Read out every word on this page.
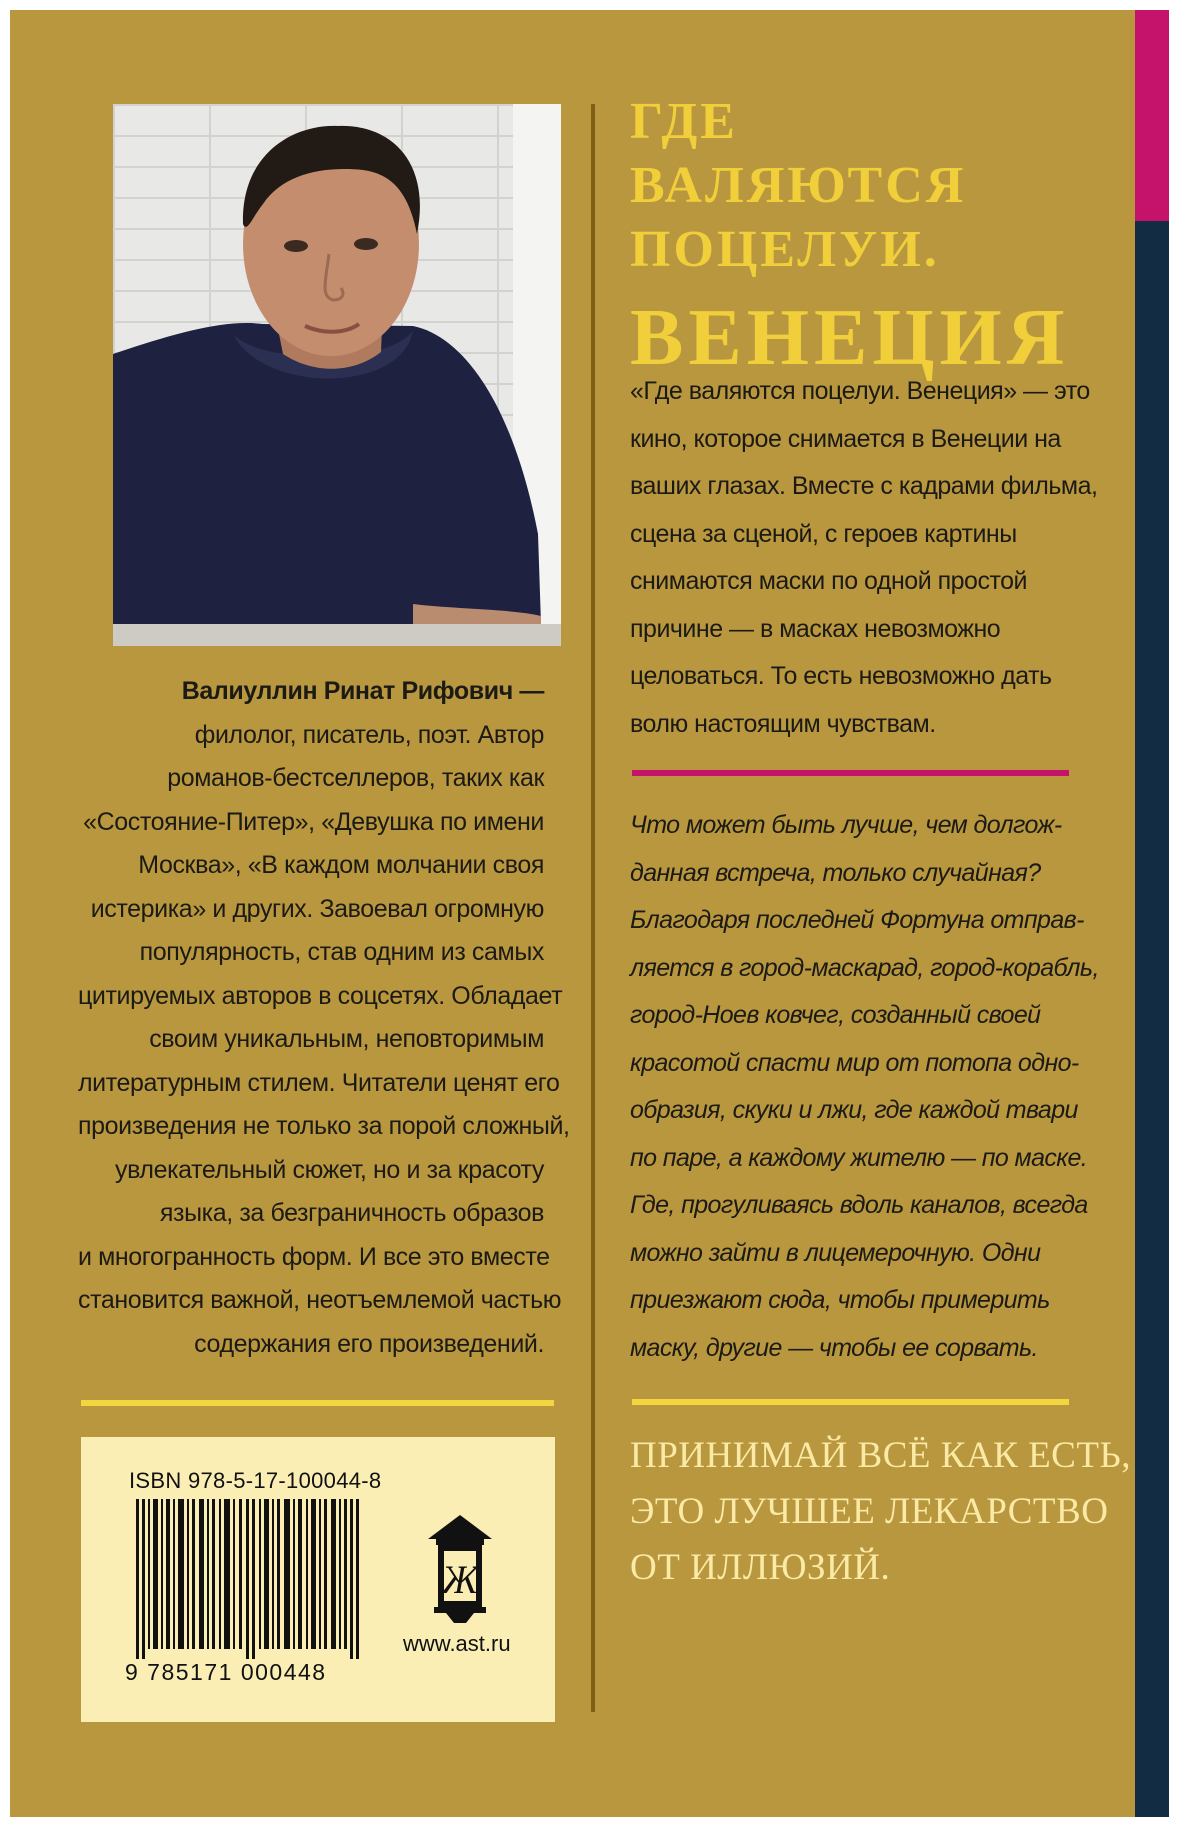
Валиуллин Ринат Рифович —
филолог, писатель, поэт. Автор
романов-бестселлеров, таких как
«Состояние-Питер», «Девушка по имени
Москва», «В каждом молчании своя
истерика» и других. Завоевал огромную
популярность, став одним из самых
цитируемых авторов в соцсетях. Обладает
своим уникальным, неповторимым
литературным стилем. Читатели ценят его
произведения не только за порой сложный,
увлекательный сюжет, но и за красоту
языка, за безграничность образов
и многогранность форм. И все это вместе
становится важной, неотъемлемой частью
содержания его произведений.
ISBN 978-5-17-100044-8
9 785171 000448
Ж
www.ast.ru
ГДЕ ВАЛЯЮТСЯ
ПОЦЕЛУИ.
ВЕНЕЦИЯ
«Где валяются поцелуи. Венеция» — это
кино, которое снимается в Венеции на
ваших глазах. Вместе с кадрами фильма,
сцена за сценой, с героев картины
снимаются маски по одной простой
причине — в масках невозможно
целоваться. То есть невозможно дать
волю настоящим чувствам.
Что может быть лучше, чем долгож-
данная встреча, только случайная?
Благодаря последней Фортуна отправ-
ляется в город-маскарад, город-корабль,
город-Ноев ковчег, созданный своей
красотой спасти мир от потопа одно-
образия, скуки и лжи, где каждой твари
по паре, а каждому жителю — по маске.
Где, прогуливаясь вдоль каналов, всегда
можно зайти в лицемерочную. Одни
приезжают сюда, чтобы примерить
маску, другие — чтобы ее сорвать.
ПРИНИМАЙ ВСЁ КАК ЕСТЬ,
ЭТО ЛУЧШЕЕ ЛЕКАРСТВО
ОТ ИЛЛЮЗИЙ.
